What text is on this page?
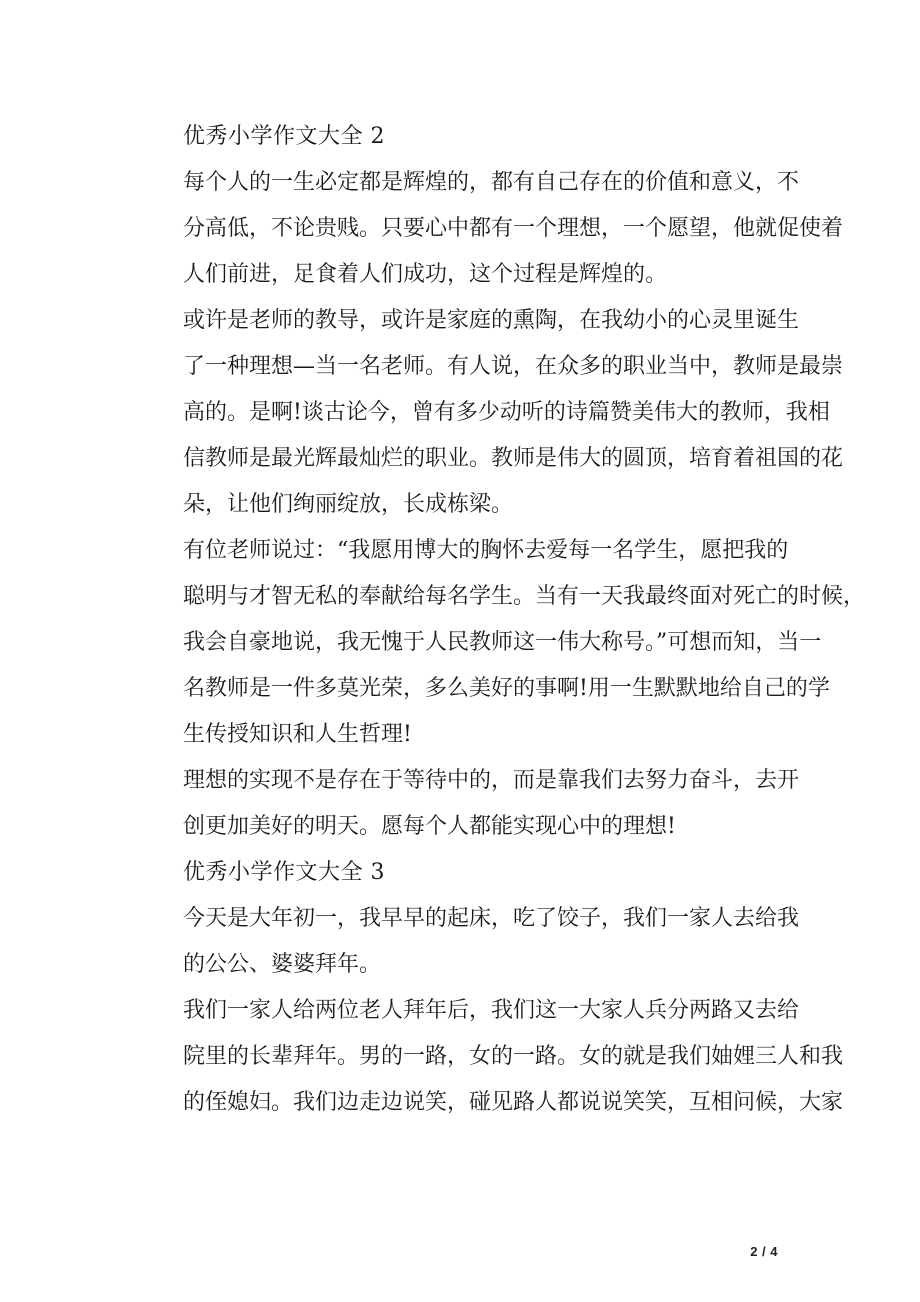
优秀小学作文大全 2

每个人的一生必定都是辉煌的，都有自己存在的价值和意义，不
分高低，不论贵贱。只要心中都有一个理想，一个愿望，他就促使着
人们前进，足食着人们成功，这个过程是辉煌的。

或许是老师的教导，或许是家庭的熏陶，在我幼小的心灵里诞生
了一种理想—当一名老师。有人说，在众多的职业当中，教师是最崇
高的。是啊!谈古论今，曾有多少动听的诗篇赞美伟大的教师，我相
信教师是最光辉最灿烂的职业。教师是伟大的圆顶，培育着祖国的花
朵，让他们绚丽绽放，长成栋梁。

有位老师说过：“我愿用博大的胸怀去爱每一名学生，愿把我的
聪明与才智无私的奉献给每名学生。当有一天我最终面对死亡的时候，
我会自豪地说，我无愧于人民教师这一伟大称号。”可想而知，当一
名教师是一件多莫光荣，多么美好的事啊!用一生默默地给自己的学
生传授知识和人生哲理!

理想的实现不是存在于等待中的，而是靠我们去努力奋斗，去开
创更加美好的明天。愿每个人都能实现心中的理想!

优秀小学作文大全 3

今天是大年初一，我早早的起床，吃了饺子，我们一家人去给我
的公公、婆婆拜年。

我们一家人给两位老人拜年后，我们这一大家人兵分两路又去给
院里的长辈拜年。男的一路，女的一路。女的就是我们妯娌三人和我
的侄媳妇。我们边走边说笑，碰见路人都说说笑笑，互相问候，大家

2 / 4
